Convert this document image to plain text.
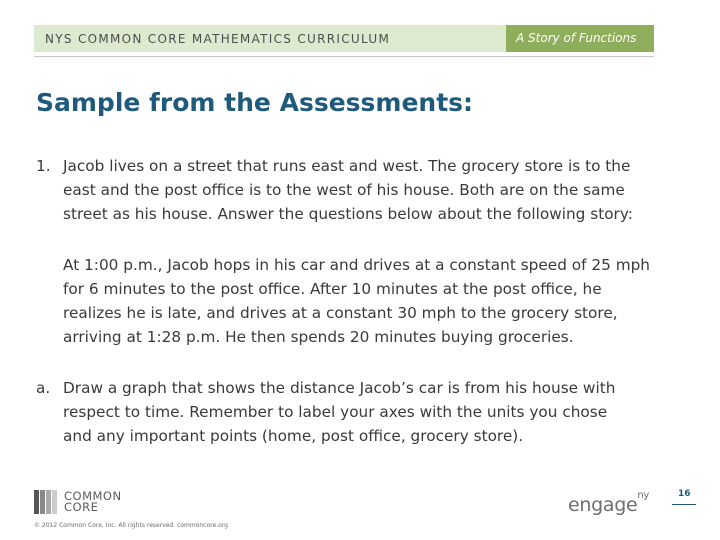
NYS COMMON CORE MATHEMATICS CURRICULUM	A Story of Functions
Sample from the Assessments:
1. Jacob lives on a street that runs east and west. The grocery store is to the
east and the post office is to the west of his house. Both are on the same
street as his house. Answer the questions below about the following story:
At 1:00 p.m., Jacob hops in his car and drives at a constant speed of 25 mph
for 6 minutes to the post office. After 10 minutes at the post office, he
realizes he is late, and drives at a constant 30 mph to the grocery store,
arriving at 1:28 p.m. He then spends 20 minutes buying groceries.
a. Draw a graph that shows the distance Jacob’s car is from his house with
respect to time. Remember to label your axes with the units you chose
and any important points (home, post office, grocery store).
COMMON
CORE
© 2012 Common Core, Inc. All rights reserved. commoncore.org
engage$^{ny}$	16
